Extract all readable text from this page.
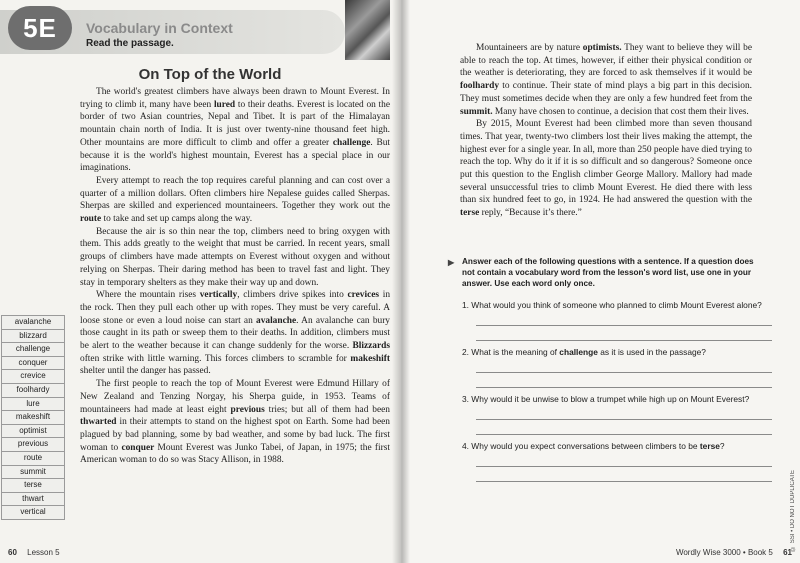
5E	Vocabulary in Context
Read the passage.
On Top of the World

The world's greatest climbers have always been drawn to Mount Everest. In trying to climb it, many have been lured to their deaths. Everest is located on the border of two Asian countries, Nepal and Tibet. It is part of the Himalayan mountain chain north of India. It is just over twenty-nine thousand feet high. Other mountains are more difficult to climb and offer a greater challenge. But because it is the world's highest mountain, Everest has a special place in our imaginations.

Every attempt to reach the top requires careful planning and can cost over a quarter of a million dollars. Often climbers hire Nepalese guides called Sherpas. Sherpas are skilled and experienced mountaineers. Together they work out the route to take and set up camps along the way.

Because the air is so thin near the top, climbers need to bring oxygen with them. This adds greatly to the weight that must be carried. In recent years, small groups of climbers have made attempts on Everest without oxygen and without relying on Sherpas. Their daring method has been to travel fast and light. They stay in temporary shelters as they make their way up and down.

Where the mountain rises vertically, climbers drive spikes into crevices in the rock. Then they pull each other up with ropes. They must be very careful. A loose stone or even a loud noise can start an avalanche. An avalanche can bury those caught in its path or sweep them to their deaths. In addition, climbers must be alert to the weather because it can change suddenly for the worse. Blizzards often strike with little warning. This forces climbers to scramble for makeshift shelter until the danger has passed.

The first people to reach the top of Mount Everest were Edmund Hillary of New Zealand and Tenzing Norgay, his Sherpa guide, in 1953. Teams of mountaineers had made at least eight previous tries; but all of them had been thwarted in their attempts to stand on the highest spot on Earth. Some had been plagued by bad planning, some by bad weather, and some by bad luck. The first woman to conquer Mount Everest was Junko Tabei, of Japan, in 1975; the first American woman to do so was Stacy Allison, in 1988.

avalanche
blizzard
challenge
conquer
crevice
foolhardy
lure
makeshift
optimist
previous
route
summit
terse
thwart
vertical
60 Lesson 5

Mountaineers are by nature optimists. They want to believe they will be able to reach the top. At times, however, if either their physical condition or the weather is deteriorating, they are forced to ask themselves if it would be foolhardy to continue. Their state of mind plays a big part in this decision. They must sometimes decide when they are only a few hundred feet from the summit. Many have chosen to continue, a decision that cost them their lives.

By 2015, Mount Everest had been climbed more than seven thousand times. That year, twenty-two climbers lost their lives making the attempt, the highest ever for a single year. In all, more than 250 people have died trying to reach the top. Why do it if it is so difficult and so dangerous? Someone once put this question to the English climber George Mallory. Mallory had made several unsuccessful tries to climb Mount Everest. He died there with less than six hundred feet to go, in 1924. He had answered the question with the terse reply, “Because it’s there.”

▶ Answer each of the following questions with a sentence. If a question does not contain a vocabulary word from the lesson's word list, use one in your answer. Use each word only once.
1. What would you think of someone who planned to climb Mount Everest alone?
2. What is the meaning of challenge as it is used in the passage?
3. Why would it be unwise to blow a trumpet while high up on Mount Everest?
4. Why would you expect conversations between climbers to be terse?
© SSI • DO NOT DUPLICATE
Wordly Wise 3000 • Book 5 61
